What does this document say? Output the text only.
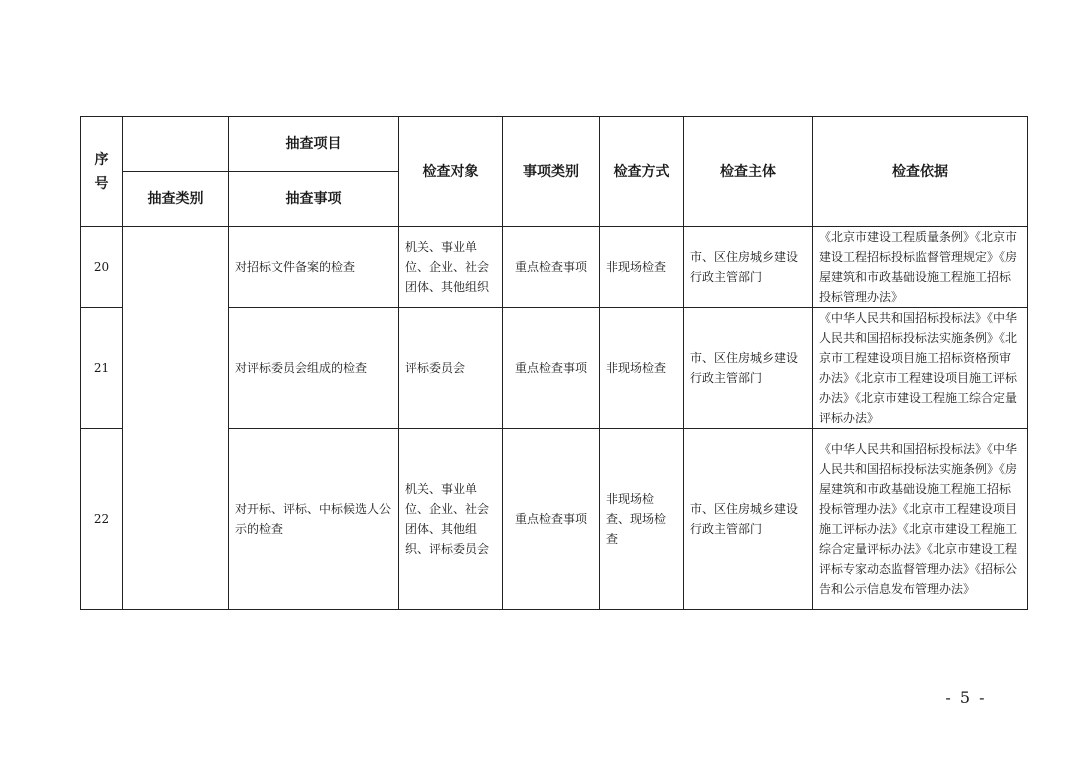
序
号		抽查项目	检查对象	事项类别	检查方式	检查主体	检查依据
	抽查类别	抽查事项					
20		对招标文件备案的检查	机关、事业单位、企业、社会团体、其他组织	重点检查事项	非现场检查	市、区住房城乡建设行政主管部门	《北京市建设工程质量条例》《北京市建设工程招标投标监督管理规定》《房屋建筑和市政基础设施工程施工招标投标管理办法》
21		对评标委员会组成的检查	评标委员会	重点检查事项	非现场检查	市、区住房城乡建设行政主管部门	《中华人民共和国招标投标法》《中华人民共和国招标投标法实施条例》《北京市工程建设项目施工招标资格预审办法》《北京市工程建设项目施工评标办法》《北京市建设工程施工综合定量评标办法》
22		对开标、评标、中标候选人公示的检查	机关、事业单位、企业、社会团体、其他组织、评标委员会	重点检查事项	非现场检查、现场检查	市、区住房城乡建设行政主管部门	《中华人民共和国招标投标法》《中华人民共和国招标投标法实施条例》《房屋建筑和市政基础设施工程施工招标投标管理办法》《北京市工程建设项目施工评标办法》《北京市建设工程施工综合定量评标办法》《北京市建设工程评标专家动态监督管理办法》《招标公告和公示信息发布管理办法》
- 5 -
